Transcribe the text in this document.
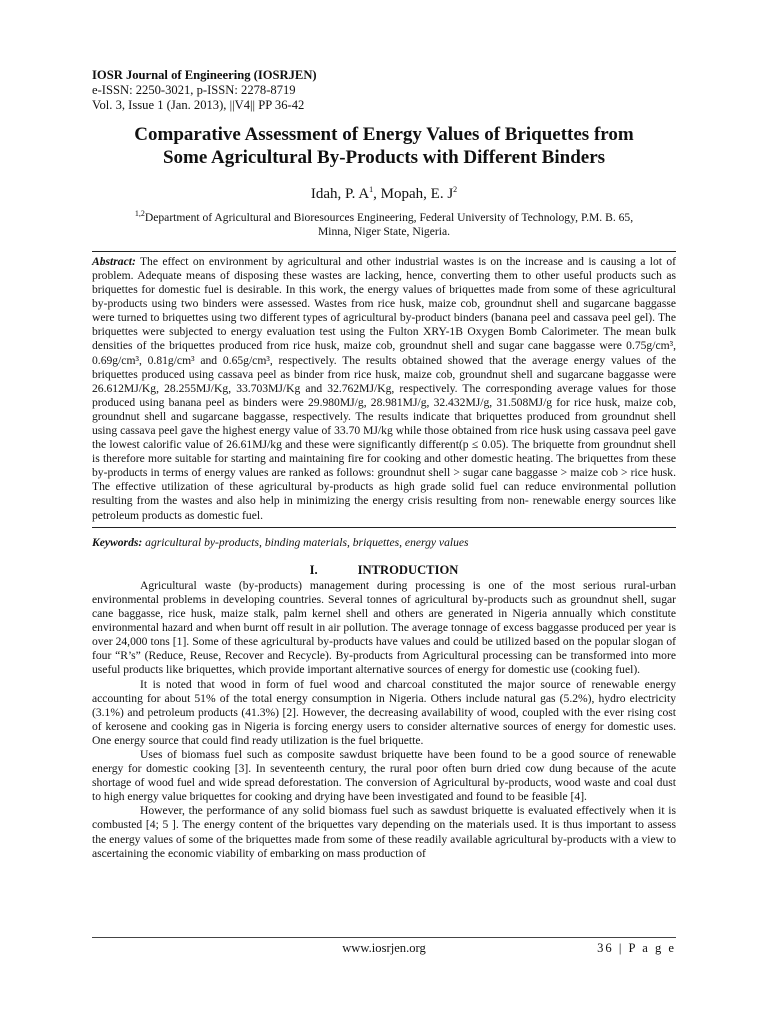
IOSR Journal of Engineering (IOSRJEN)
e-ISSN: 2250-3021, p-ISSN: 2278-8719
Vol. 3, Issue 1 (Jan. 2013), ||V4|| PP 36-42
Comparative Assessment of Energy Values of Briquettes from
Some Agricultural By-Products with Different Binders
Idah, P. $A^1$, Mopah, E. $J^2$
$^{1,2}$Department of Agricultural and Bioresources Engineering, Federal University of Technology, P.M. B. 65,
Minna, Niger State, Nigeria.
Abstract: The effect on environment by agricultural and other industrial wastes is on the increase and is causing a lot of problem. Adequate means of disposing these wastes are lacking, hence, converting them to other useful products such as briquettes for domestic fuel is desirable. In this work, the energy values of briquettes made from some of these agricultural by-products using two binders were assessed. Wastes from rice husk, maize cob, groundnut shell and sugarcane baggasse were turned to briquettes using two different types of agricultural by-product binders (banana peel and cassava peel gel). The briquettes were subjected to energy evaluation test using the Fulton XRY-1B Oxygen Bomb Calorimeter. The mean bulk densities of the briquettes produced from rice husk, maize cob, groundnut shell and sugar cane baggasse were 0.75g/cm³, 0.69g/cm³, 0.81g/cm³ and 0.65g/cm³, respectively. The results obtained showed that the average energy values of the briquettes produced using cassava peel as binder from rice husk, maize cob, groundnut shell and sugarcane baggasse were 26.612MJ/Kg, 28.255MJ/Kg, 33.703MJ/Kg and 32.762MJ/Kg, respectively. The corresponding average values for those produced using banana peel as binders were 29.980MJ/g, 28.981MJ/g, 32.432MJ/g, 31.508MJ/g for rice husk, maize cob, groundnut shell and sugarcane baggasse, respectively. The results indicate that briquettes produced from groundnut shell using cassava peel gave the highest energy value of 33.70 MJ/kg while those obtained from rice husk using cassava peel gave the lowest calorific value of 26.61MJ/kg and these were significantly different(p ≤ 0.05). The briquette from groundnut shell is therefore more suitable for starting and maintaining fire for cooking and other domestic heating. The briquettes from these by-products in terms of energy values are ranked as follows: groundnut shell > sugar cane baggasse > maize cob > rice husk. The effective utilization of these agricultural by-products as high grade solid fuel can reduce environmental pollution resulting from the wastes and also help in minimizing the energy crisis resulting from non- renewable energy sources like petroleum products as domestic fuel.
Keywords: agricultural by-products, binding materials, briquettes, energy values
I.	INTRODUCTION

Agricultural waste (by-products) management during processing is one of the most serious rural-urban environmental problems in developing countries. Several tonnes of agricultural by-products such as groundnut shell, sugar cane baggasse, rice husk, maize stalk, palm kernel shell and others are generated in Nigeria annually which constitute environmental hazard and when burnt off result in air pollution. The average tonnage of excess baggasse produced per year is over 24,000 tons [1]. Some of these agricultural by-products have values and could be utilized based on the popular slogan of four “R’s” (Reduce, Reuse, Recover and Recycle). By-products from Agricultural processing can be transformed into more useful products like briquettes, which provide important alternative sources of energy for domestic use (cooking fuel).

It is noted that wood in form of fuel wood and charcoal constituted the major source of renewable energy accounting for about 51% of the total energy consumption in Nigeria. Others include natural gas (5.2%), hydro electricity (3.1%) and petroleum products (41.3%) [2]. However, the decreasing availability of wood, coupled with the ever rising cost of kerosene and cooking gas in Nigeria is forcing energy users to consider alternative sources of energy for domestic uses. One energy source that could find ready utilization is the fuel briquette.

Uses of biomass fuel such as composite sawdust briquette have been found to be a good source of renewable energy for domestic cooking [3]. In seventeenth century, the rural poor often burn dried cow dung because of the acute shortage of wood fuel and wide spread deforestation. The conversion of Agricultural by-products, wood waste and coal dust to high energy value briquettes for cooking and drying have been investigated and found to be feasible [4].

However, the performance of any solid biomass fuel such as sawdust briquette is evaluated effectively when it is combusted [4; 5 ]. The energy content of the briquettes vary depending on the materials used. It is thus important to assess the energy values of some of the briquettes made from some of these readily available agricultural by-products with a view to ascertaining the economic viability of embarking on mass production of

www.iosrjen.org	36 | P a g e
